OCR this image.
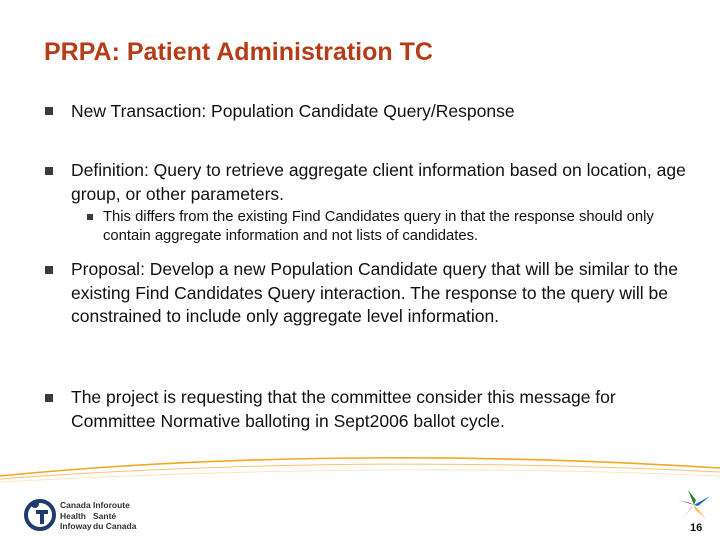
PRPA: Patient Administration TC
New Transaction: Population Candidate Query/Response
Definition: Query to retrieve aggregate client information based on location, age group, or other parameters.
This differs from the existing Find Candidates query in that the response should only contain aggregate information and not lists of candidates.
Proposal: Develop a new Population Candidate query that will be similar to the existing Find Candidates Query interaction. The response to the query will be constrained to include only aggregate level information.
The project is requesting that the committee consider this message for Committee Normative balloting in Sept2006 ballot cycle.
Canada
Health
Infoway
Inforoute
Santé
du Canada	16
